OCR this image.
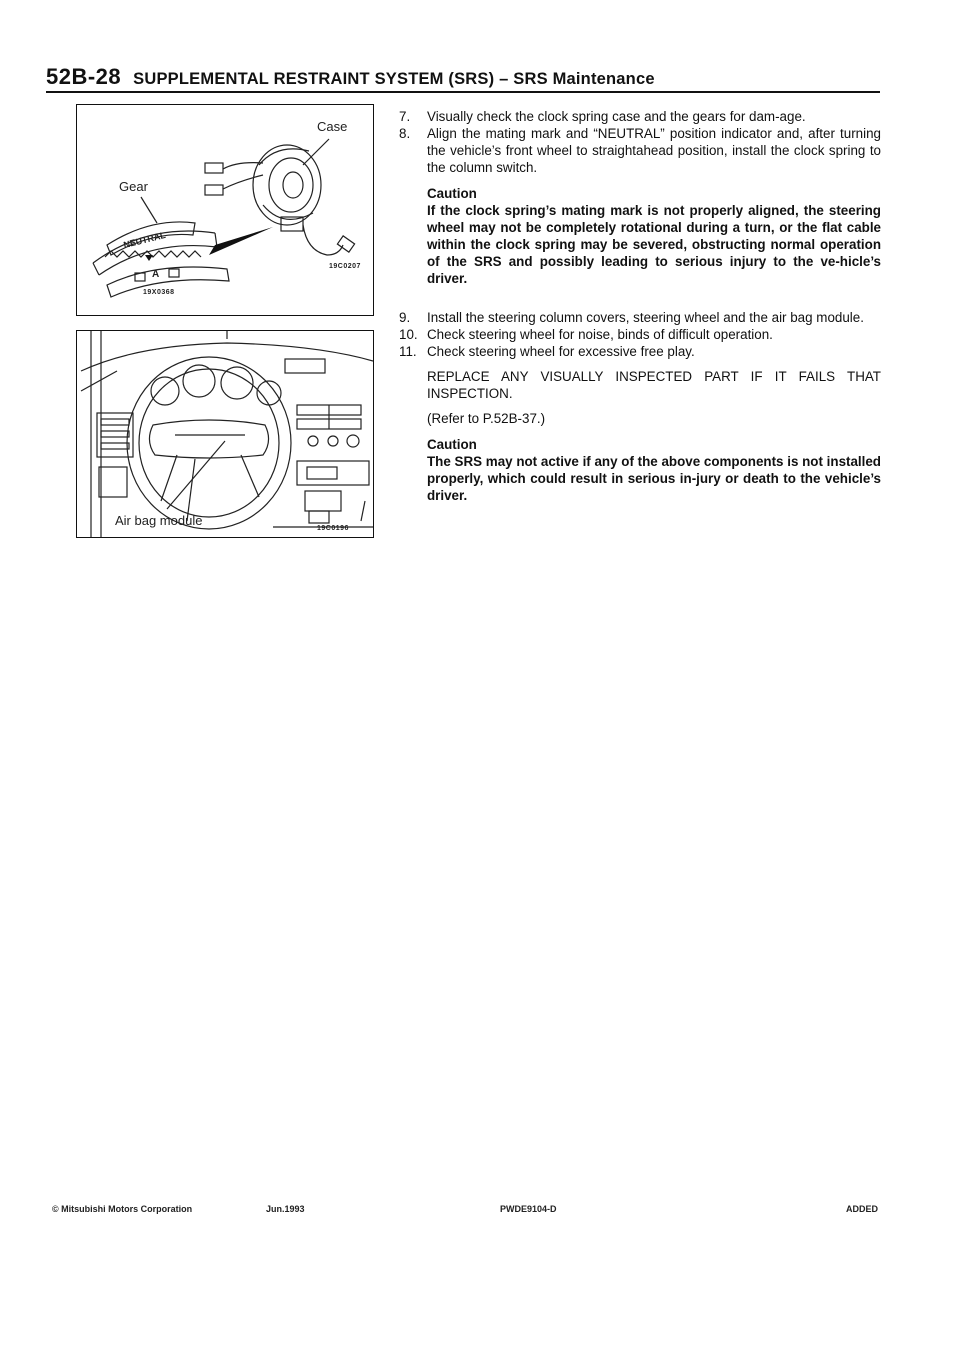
52B-28 SUPPLEMENTAL RESTRAINT SYSTEM (SRS) – SRS Maintenance
Case
Gear
NEUTRAL
A
19X0368
19C0207
Air bag module
19C0196
7.	Visually check the clock spring case and the gears for dam-age.
8.	Align the mating mark and “NEUTRAL” position indicator and, after turning the vehicle’s front wheel to straightahead position, install the clock spring to the column switch.
Caution
If the clock spring’s mating mark is not properly aligned, the steering wheel may not be completely rotational during a turn, or the flat cable within the clock spring may be severed, obstructing normal operation of the SRS and possibly leading to serious injury to the ve-hicle’s driver.
9.	Install the steering column covers, steering wheel and the air bag module.
10. Check steering wheel for noise, binds of difficult operation.
11. Check steering wheel for excessive free play.
REPLACE ANY VISUALLY INSPECTED PART IF IT FAILS THAT INSPECTION.
(Refer to P.52B-37.)
Caution
The SRS may not active if any of the above components is not installed properly, which could result in serious in-jury or death to the vehicle’s driver.
© Mitsubishi Motors Corporation	Jun.1993	PWDE9104-D	ADDED
